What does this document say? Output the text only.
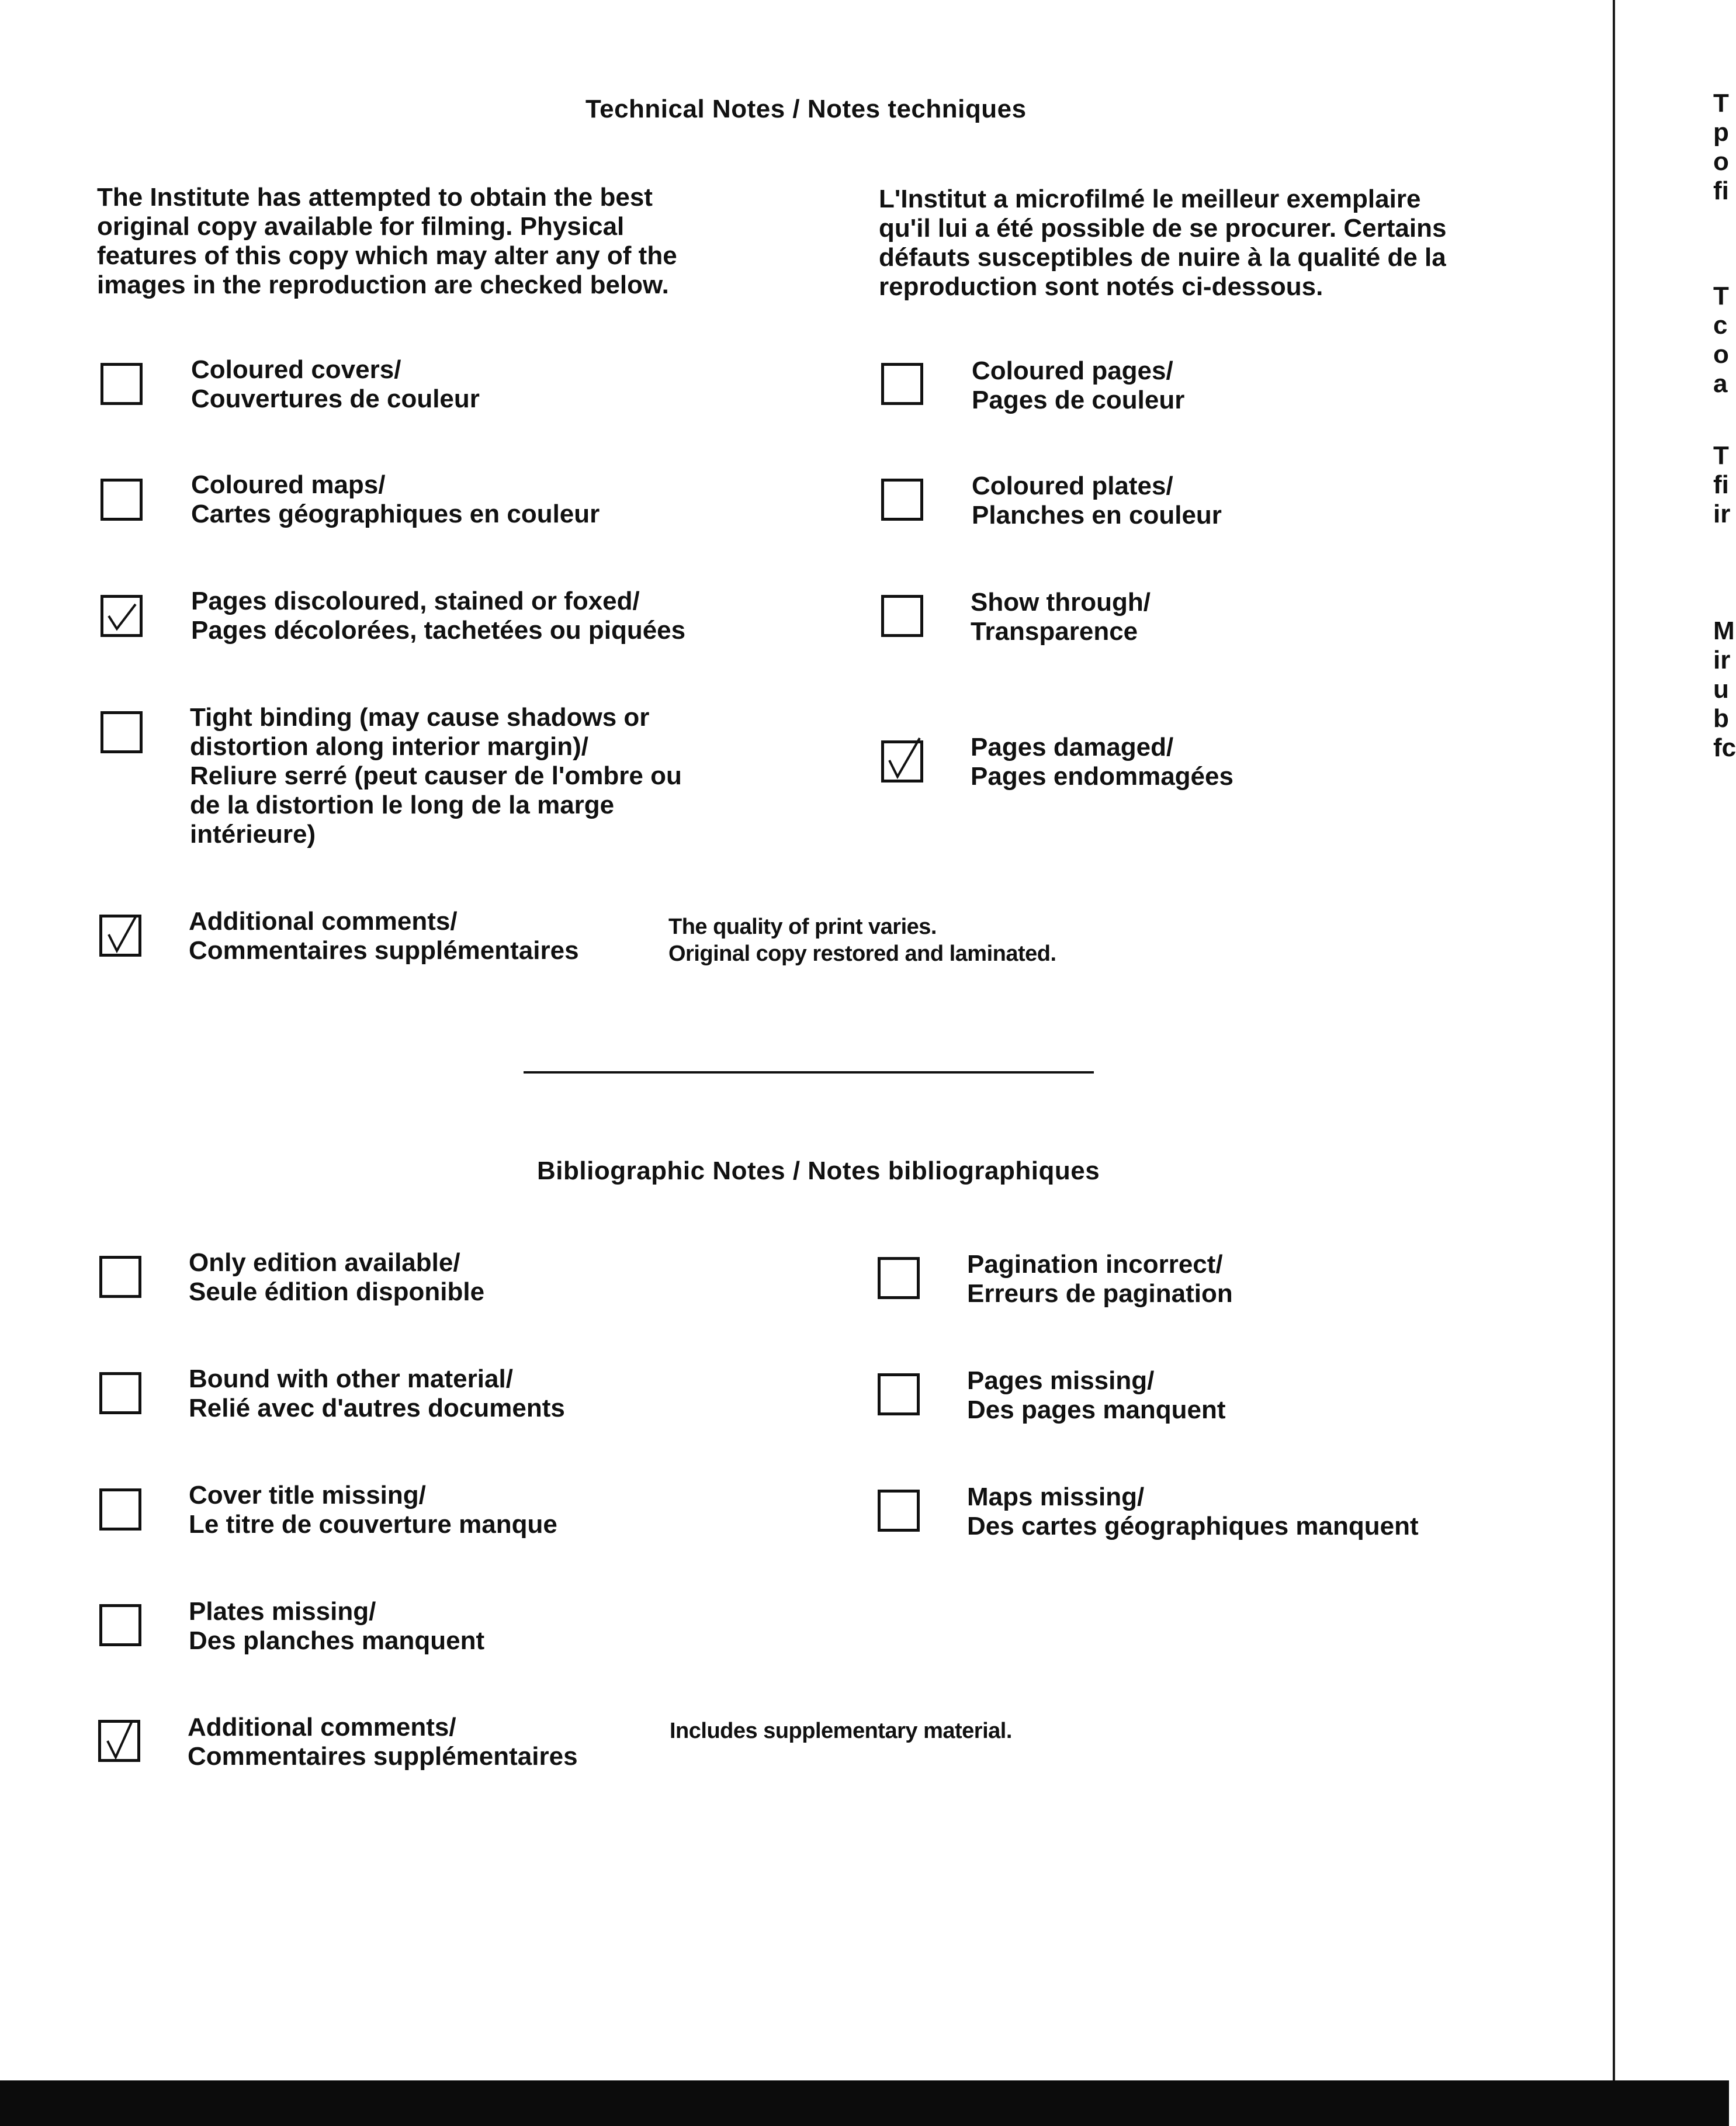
Technical Notes / Notes techniques
The Institute has attempted to obtain the best
original copy available for filming. Physical
features of this copy which may alter any of the
images in the reproduction are checked below.
L'Institut a microfilmé le meilleur exemplaire
qu'il lui a été possible de se procurer. Certains
défauts susceptibles de nuire à la qualité de la
reproduction sont notés ci-dessous.
Coloured covers/
Couvertures de couleur
Coloured maps/
Cartes géographiques en couleur
Pages discoloured, stained or foxed/
Pages décolorées, tachetées ou piquées
Tight binding (may cause shadows or
distortion along interior margin)/
Reliure serré (peut causer de l'ombre ou
de la distortion le long de la marge
intérieure)
Additional comments/
Commentaires supplémentaires
The quality of print varies.
Original copy restored and laminated.
Coloured pages/
Pages de couleur
Coloured plates/
Planches en couleur
Show through/
Transparence
Pages damaged/
Pages endommagées
Bibliographic Notes / Notes bibliographiques
Only edition available/
Seule édition disponible
Bound with other material/
Relié avec d'autres documents
Cover title missing/
Le titre de couverture manque
Plates missing/
Des planches manquent
Additional comments/
Commentaires supplémentaires
Includes supplementary material.
Pagination incorrect/
Erreurs de pagination
Pages missing/
Des pages manquent
Maps missing/
Des cartes géographiques manquent
T
p
o
fi
T
c
o
a
T
fi
ir
M
ir
u
b
fc
